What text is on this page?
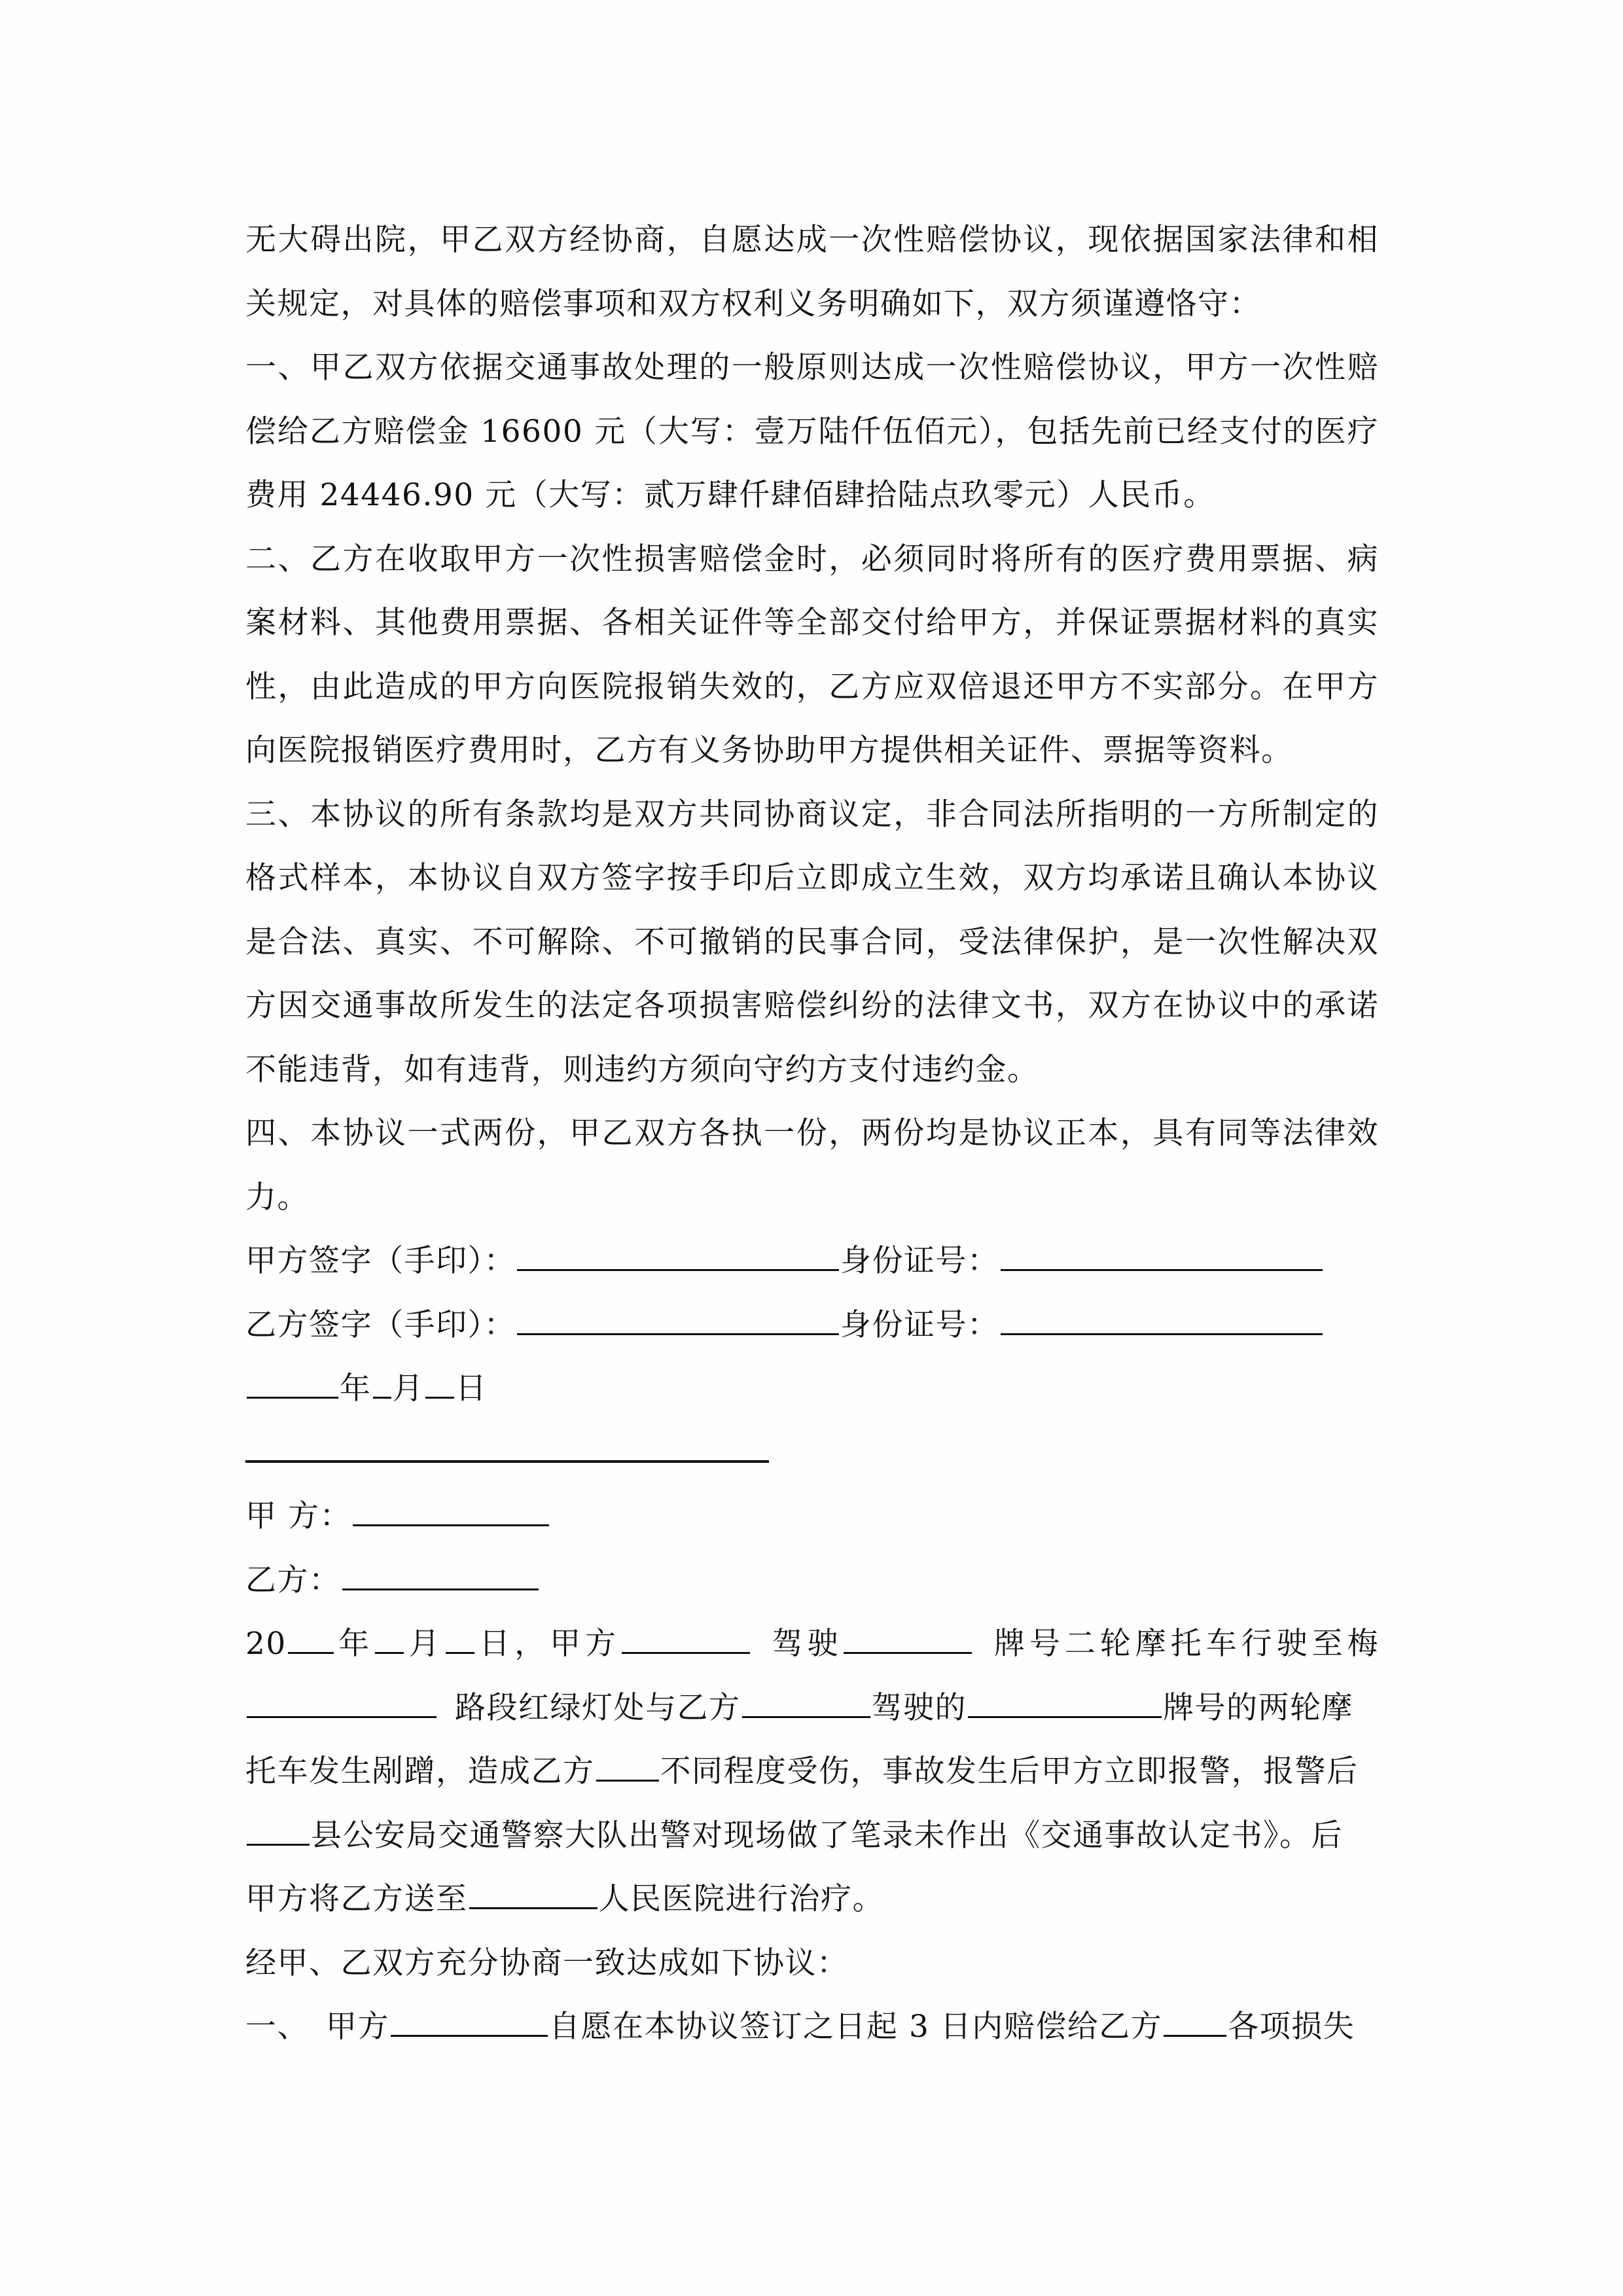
无大碍出院，甲乙双方经协商，自愿达成一次性赔偿协议，现依据国家法律和相
关规定，对具体的赔偿事项和双方权利义务明确如下，双方须谨遵恪守：
一、甲乙双方依据交通事故处理的一般原则达成一次性赔偿协议，甲方一次性赔
偿给乙方赔偿金 16600 元（大写：壹万陆仟伍佰元），包括先前已经支付的医疗
费用 24446.90 元（大写：贰万肆仟肆佰肆拾陆点玖零元）人民币。
二、乙方在收取甲方一次性损害赔偿金时，必须同时将所有的医疗费用票据、病
案材料、其他费用票据、各相关证件等全部交付给甲方，并保证票据材料的真实
性，由此造成的甲方向医院报销失效的，乙方应双倍退还甲方不实部分。在甲方
向医院报销医疗费用时，乙方有义务协助甲方提供相关证件、票据等资料。
三、本协议的所有条款均是双方共同协商议定，非合同法所指明的一方所制定的
格式样本，本协议自双方签字按手印后立即成立生效，双方均承诺且确认本协议
是合法、真实、不可解除、不可撤销的民事合同，受法律保护，是一次性解决双
方因交通事故所发生的法定各项损害赔偿纠纷的法律文书，双方在协议中的承诺
不能违背，如有违背，则违约方须向守约方支付违约金。
四、本协议一式两份，甲乙双方各执一份，两份均是协议正本，具有同等法律效
力。
甲方签字（手印）：	身份证号：
乙方签字（手印）：	身份证号：
年 月 日
甲 方：
乙方：
20 年 月 日，甲方	驾驶	牌号二轮摩托车行驶至梅
路段红绿灯处与乙方	驾驶的	牌号的两轮摩
托车发生剐蹭，造成乙方 不同程度受伤，事故发生后甲方立即报警，报警后
县公安局交通警察大队出警对现场做了笔录未作出《交通事故认定书》。后
甲方将乙方送至	人民医院进行治疗。
经甲、乙双方充分协商一致达成如下协议：
一、 甲方	自愿在本协议签订之日起 3 日内赔偿给乙方 各项损失
